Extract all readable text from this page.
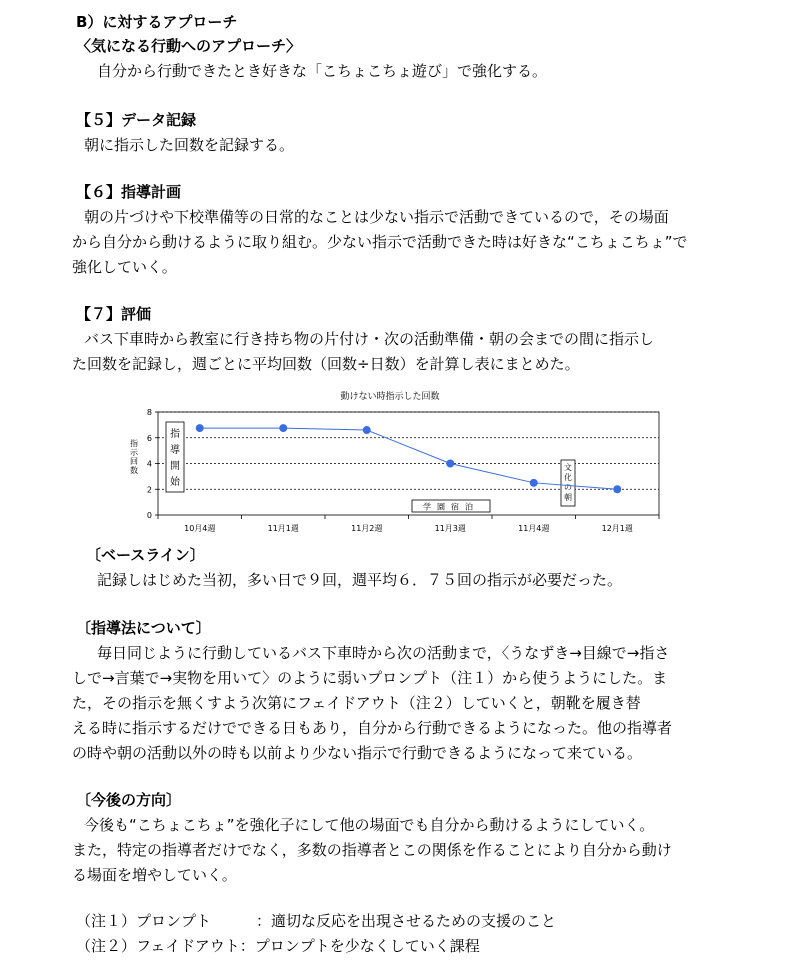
B）に対するアプローチ
〈気になる行動へのアプローチ〉
自分から行動できたとき好きな「こちょこちょ遊び」で強化する。
【５】データ記録
朝に指示した回数を記録する。
【６】指導計画
朝の片づけや下校準備等の日常的なことは少ない指示で活動できているので，その場面
から自分から動けるように取り組む。少ない指示で活動できた時は好きな“こちょこちょ”で
強化していく。
【７】評価
バス下車時から教室に行き持ち物の片付け・次の活動準備・朝の会までの間に指示し
た回数を記録し，週ごとに平均回数（回数÷日数）を計算し表にまとめた。
動けない時指示した回数
指示回数
0
2
4
6
8
10月4週	11月1週	11月2週	11月3週	11月4週	12月1週
指導開始
学園宿泊
文化の朝
〔ベースライン〕
記録しはじめた当初，多い日で９回，週平均６．７５回の指示が必要だった。
〔指導法について〕
毎日同じように行動しているバス下車時から次の活動まで，〈うなずき→目線で→指さ
しで→言葉で→実物を用いて〉のように弱いプロンプト（注１）から使うようにした。ま
た，その指示を無くすよう次第にフェイドアウト（注２）していくと，朝靴を履き替
える時に指示するだけでできる日もあり，自分から行動できるようになった。他の指導者
の時や朝の活動以外の時も以前より少ない指示で行動できるようになって来ている。
〔今後の方向〕
今後も“こちょこちょ”を強化子にして他の場面でも自分から動けるようにしていく。
また，特定の指導者だけでなく，多数の指導者とこの関係を作ることにより自分から動け
る場面を増やしていく。
（注１）プロンプト　　　：適切な反応を出現させるための支援のこと
（注２）フェイドアウト：プロンプトを少なくしていく課程
